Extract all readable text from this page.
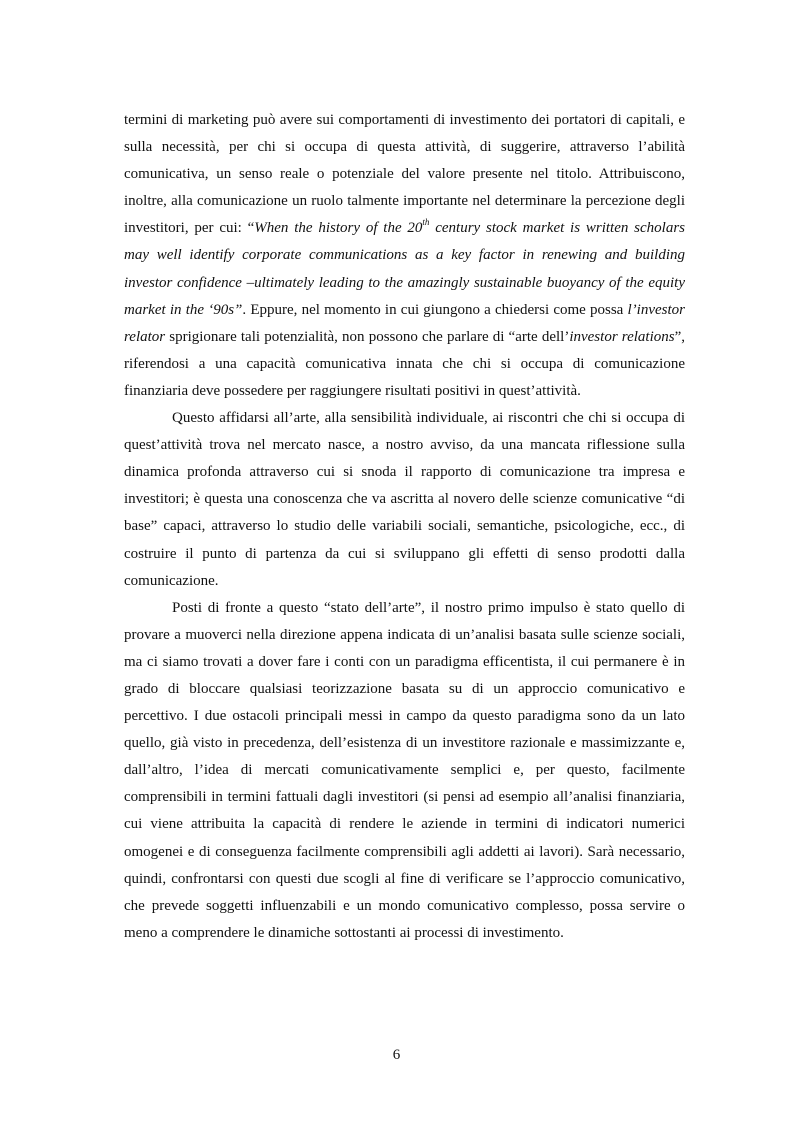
termini di marketing può avere sui comportamenti di investimento dei portatori di capitali, e sulla necessità, per chi si occupa di questa attività, di suggerire, attraverso l’abilità comunicativa, un senso reale o potenziale del valore presente nel titolo. Attribuiscono, inoltre, alla comunicazione un ruolo talmente importante nel determinare la percezione degli investitori, per cui: “When the history of the 20th century stock market is written scholars may well identify corporate communications as a key factor in renewing and building investor confidence –ultimately leading to the amazingly sustainable buoyancy of the equity market in the ‘90s”. Eppure, nel momento in cui giungono a chiedersi come possa l’investor relator sprigionare tali potenzialità, non possono che parlare di “arte dell’investor relations”, riferendosi a una capacità comunicativa innata che chi si occupa di comunicazione finanziaria deve possedere per raggiungere risultati positivi in quest’attività.

Questo affidarsi all’arte, alla sensibilità individuale, ai riscontri che chi si occupa di quest’attività trova nel mercato nasce, a nostro avviso, da una mancata riflessione sulla dinamica profonda attraverso cui si snoda il rapporto di comunicazione tra impresa e investitori; è questa una conoscenza che va ascritta al novero delle scienze comunicative “di base” capaci, attraverso lo studio delle variabili sociali, semantiche, psicologiche, ecc., di costruire il punto di partenza da cui si sviluppano gli effetti di senso prodotti dalla comunicazione.

Posti di fronte a questo “stato dell’arte”, il nostro primo impulso è stato quello di provare a muoverci nella direzione appena indicata di un’analisi basata sulle scienze sociali, ma ci siamo trovati a dover fare i conti con un paradigma efficentista, il cui permanere è in grado di bloccare qualsiasi teorizzazione basata su di un approccio comunicativo e percettivo. I due ostacoli principali messi in campo da questo paradigma sono da un lato quello, già visto in precedenza, dell’esistenza di un investitore razionale e massimizzante e, dall’altro, l’idea di mercati comunicativamente semplici e, per questo, facilmente comprensibili in termini fattuali dagli investitori (si pensi ad esempio all’analisi finanziaria, cui viene attribuita la capacità di rendere le aziende in termini di indicatori numerici omogenei e di conseguenza facilmente comprensibili agli addetti ai lavori). Sarà necessario, quindi, confrontarsi con questi due scogli al fine di verificare se l’approccio comunicativo, che prevede soggetti influenzabili e un mondo comunicativo complesso, possa servire o meno a comprendere le dinamiche sottostanti ai processi di investimento.

6
